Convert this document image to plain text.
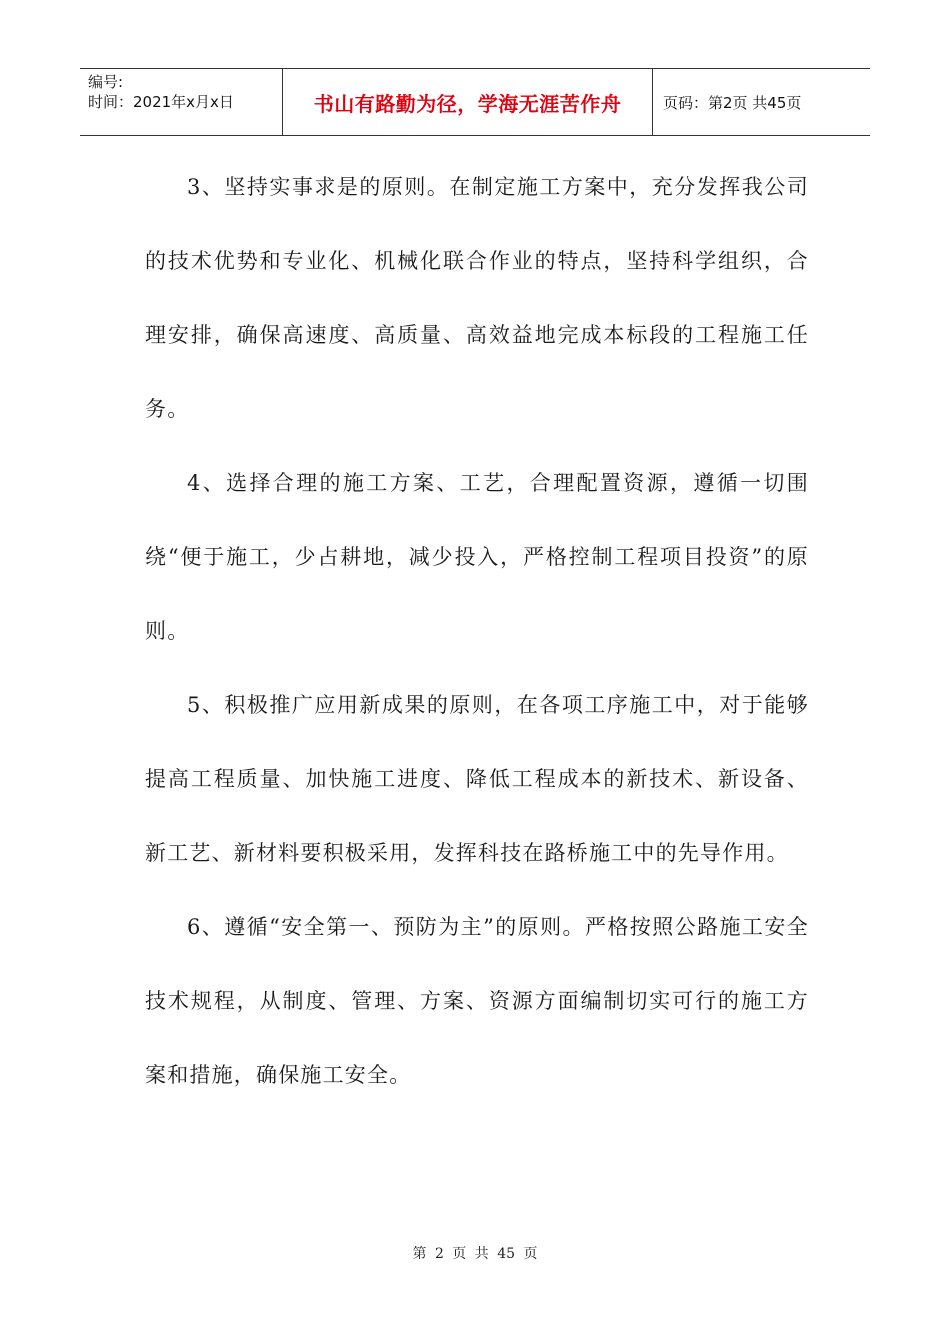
编号:
时间：2021年x月x日	书山有路勤为径，学海无涯苦作舟	页码：第2页 共45页

3、坚持实事求是的原则。在制定施工方案中，充分发挥我公司的技术优势和专业化、机械化联合作业的特点，坚持科学组织，合理安排，确保高速度、高质量、高效益地完成本标段的工程施工任务。

4、选择合理的施工方案、工艺，合理配置资源，遵循一切围绕“便于施工，少占耕地，减少投入，严格控制工程项目投资”的原则。

5、积极推广应用新成果的原则，在各项工序施工中，对于能够提高工程质量、加快施工进度、降低工程成本的新技术、新设备、新工艺、新材料要积极采用，发挥科技在路桥施工中的先导作用。

6、遵循“安全第一、预防为主”的原则。严格按照公路施工安全技术规程，从制度、管理、方案、资源方面编制切实可行的施工方案和措施，确保施工安全。

第 2 页 共 45 页
